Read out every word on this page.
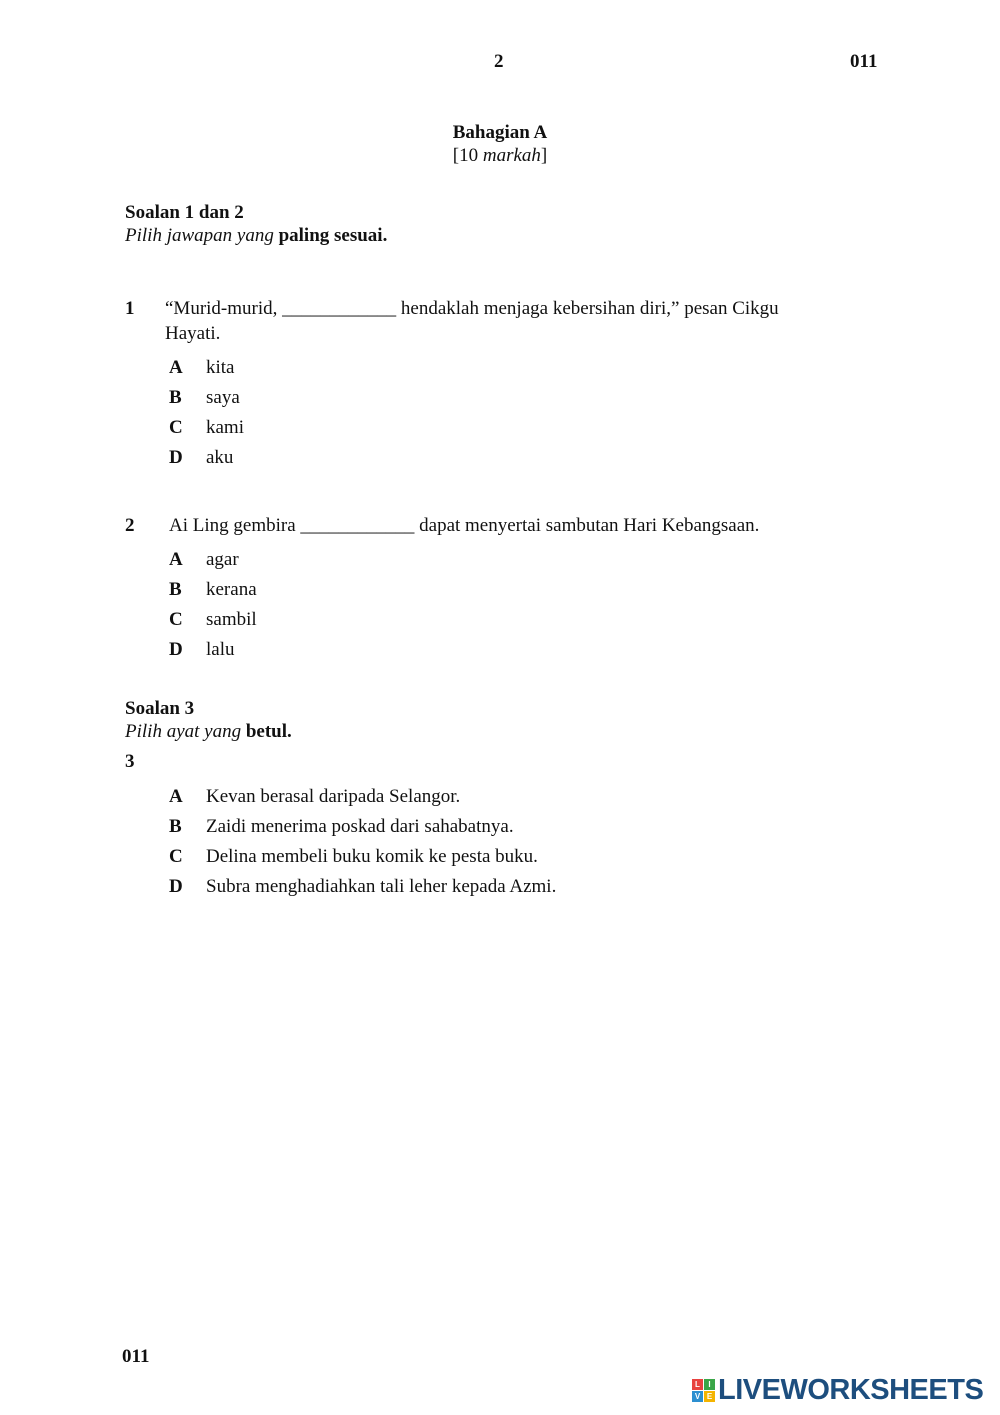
2	011
Bahagian A
[10 markah]
Soalan 1 dan 2
Pilih jawapan yang paling sesuai.
1 “Murid-murid, ____________ hendaklah menjaga kebersihan diri,” pesan Cikgu
Hayati.
A kita
B saya
C kami
D aku
2 Ai Ling gembira ____________ dapat menyertai sambutan Hari Kebangsaan.
A agar
B kerana
C sambil
D lalu
Soalan 3
Pilih ayat yang betul.
3
A Kevan berasal daripada Selangor.
B Zaidi menerima poskad dari sahabatnya.
C Delina membeli buku komik ke pesta buku.
D Subra menghadiahkan tali leher kepada Azmi.
011
L	I
V E LIVEWORKSHEETS
